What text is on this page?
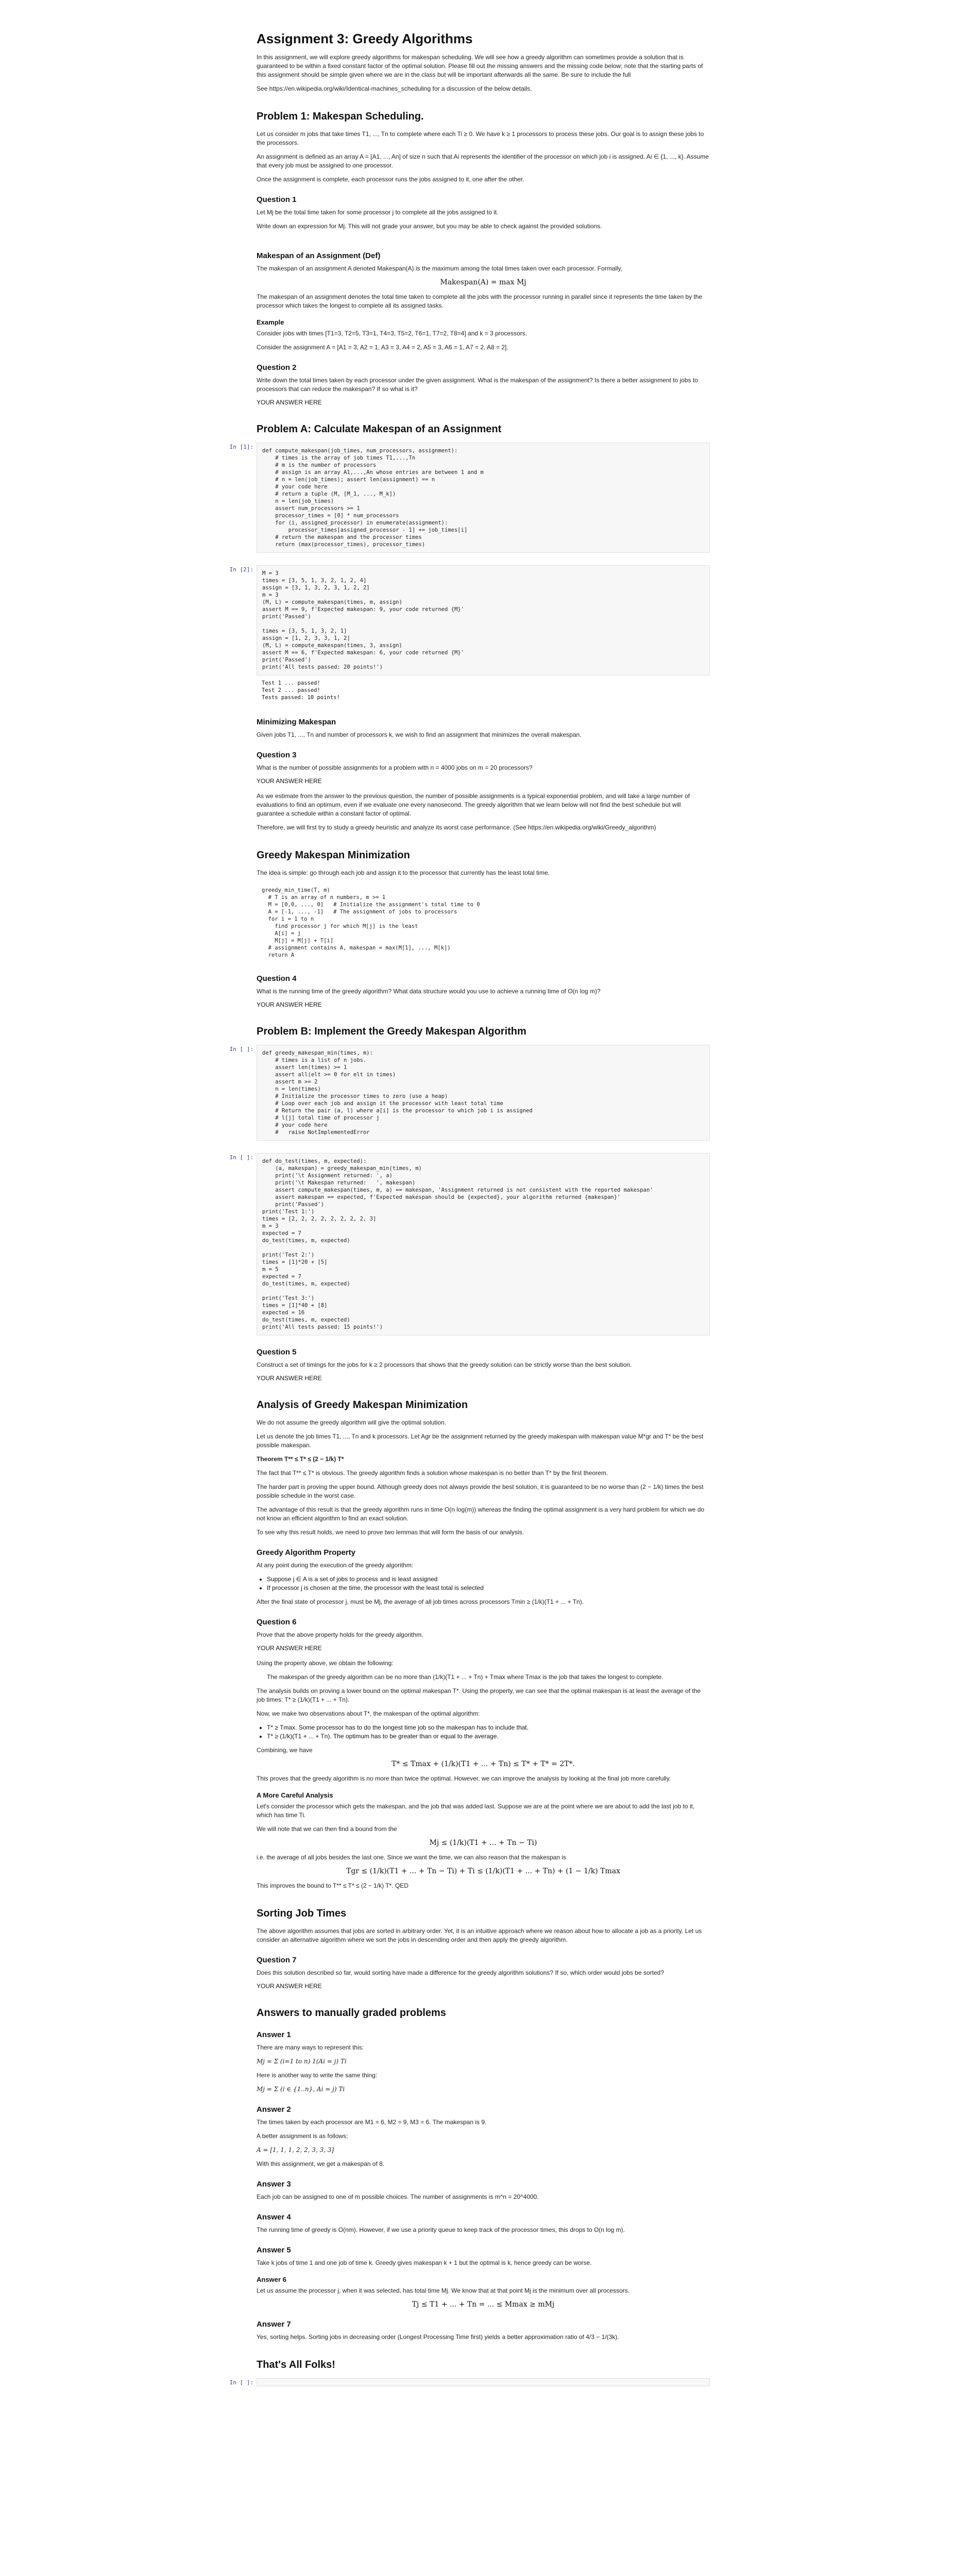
Assignment 3: Greedy Algorithms

In this assignment, we will explore greedy algorithms for makespan scheduling. We will see how a greedy algorithm can sometimes provide a solution that is guaranteed to be within a fixed constant factor of the optimal solution. Please fill out the missing answers and the missing code below; note that the starting parts of this assignment should be simple given where we are in the class but will be important afterwards all the same. Be sure to include the full

See https://en.wikipedia.org/wiki/Identical-machines_scheduling for a discussion of the below details.

Problem 1: Makespan Scheduling.

Let us consider m jobs that take times T1, ..., Tn to complete where each Ti ≥ 0. We have k ≥ 1 processors to process these jobs. Our goal is to assign these jobs to the processors.

An assignment is defined as an array A = [A1, ..., An] of size n such that Ai represents the identifier of the processor on which job i is assigned. Ai ∈ {1, ..., k}. Assume that every job must be assigned to one processor.

Once the assignment is complete, each processor runs the jobs assigned to it, one after the other.

Question 1

Let Mj be the total time taken for some processor j to complete all the jobs assigned to it.

Write down an expression for Mj. This will not grade your answer, but you may be able to check against the provided solutions.

Makespan of an Assignment (Def)

The makespan of an assignment A denoted Makespan(A) is the maximum among the total times taken over each processor. Formally,

Makespan(A) = max Mj

The makespan of an assignment denotes the total time taken to complete all the jobs with the processor running in parallel since it represents the time taken by the processor which takes the longest to complete all its assigned tasks.

Example

Consider jobs with times [T1=3, T2=5, T3=1, T4=3, T5=2, T6=1, T7=2, T8=4] and k = 3 processors.

Consider the assignment A = [A1 = 3, A2 = 1, A3 = 3, A4 = 2, A5 = 3, A6 = 1, A7 = 2, A8 = 2].

Question 2

Write down the total times taken by each processor under the given assignment. What is the makespan of the assignment? Is there a better assignment to jobs to processors that can reduce the makespan? If so what is it?

YOUR ANSWER HERE
Problem A: Calculate Makespan of an Assignment
In [1]:
def compute_makespan(job_times, num_processors, assignment):
# times is the array of job times T1,...,Tn
# m is the number of processors
# assign is an array A1,...,An whose entries are between 1 and m
# n = len(job_times); assert len(assignment) == n
# your code here
# return a tuple (M, [M_1, ..., M_k])
n = len(job_times)
assert num_processors >= 1
processor_times = [0] * num_processors
for (i, assigned_processor) in enumerate(assignment):
processor_times[assigned_processor - 1] += job_times[i]
# return the makespan and the processor times
return (max(processor_times), processor_times)
In [2]:
M = 3
times = [3, 5, 1, 3, 2, 1, 2, 4]
assign = [3, 1, 3, 2, 3, 1, 2, 2]
m = 3
(M, L) = compute_makespan(times, m, assign)
assert M == 9, f'Expected makespan: 9, your code returned {M}'
print('Passed')

times = [3, 5, 1, 3, 2, 1]
assign = [1, 2, 3, 3, 1, 2]
(M, L) = compute_makespan(times, 3, assign)
assert M == 6, f'Expected makespan: 6, your code returned {M}'
print('Passed')
print('All tests passed: 20 points!')
Test 1 ... passed!
Test 2 ... passed!
Tests passed: 10 points!
Minimizing Makespan

Given jobs T1, ..., Tn and number of processors k, we wish to find an assignment that minimizes the overall makespan.

Question 3

What is the number of possible assignments for a problem with n = 4000 jobs on m = 20 processors?

YOUR ANSWER HERE

As we estimate from the answer to the previous question, the number of possible assignments is a typical exponential problem, and will take a large number of evaluations to find an optimum, even if we evaluate one every nanosecond. The greedy algorithm that we learn below will not find the best schedule but will guarantee a schedule within a constant factor of optimal.

Therefore, we will first try to study a greedy heuristic and analyze its worst case performance. (See https://en.wikipedia.org/wiki/Greedy_algorithm)

Greedy Makespan Minimization

The idea is simple: go through each job and assign it to the processor that currently has the least total time.

greedy_min_time(T, m)
# T is an array of n numbers, m >= 1
M = [0,0, ..., 0]   # Initialize the assignment's total time to 0
A = [-1, ..., -1]   # The assignment of jobs to processors
for i = 1 to n
find processor j for which M[j] is the least
A[i] = j
M[j] = M[j] + T[i]
# assignment contains A, makespan = max(M[1], ..., M[k])
return A
Question 4

What is the running time of the greedy algorithm? What data structure would you use to achieve a running time of O(n log m)?

YOUR ANSWER HERE
Problem B: Implement the Greedy Makespan Algorithm
In [ ]:
def greedy_makespan_min(times, m):
# times is a list of n jobs.
assert len(times) >= 1
assert all(elt >= 0 for elt in times)
assert m >= 2
n = len(times)
# Initialize the processor times to zero (use a heap)
# Loop over each job and assign it the processor with least total time
# Return the pair (a, l) where a[i] is the processor to which job i is assigned
# l[j] total time of processor j
# your code here
#   raise NotImplementedError
In [ ]:
def do_test(times, m, expected):
(a, makespan) = greedy_makespan_min(times, m)
print('\t Assignment returned: ', a)
print('\t Makespan returned:   ', makespan)
assert compute_makespan(times, m, a) == makespan, 'Assignment returned is not consistent with the reported makespan'
assert makespan == expected, f'Expected makespan should be {expected}, your algorithm returned {makespan}'
print('Passed')
print('Test 1:')
times = [2, 2, 2, 2, 2, 2, 2, 2, 3]
m = 3
expected = 7
do_test(times, m, expected)

print('Test 2:')
times = [1]*20 + [5]
m = 5
expected = 7
do_test(times, m, expected)

print('Test 3:')
times = [1]*40 + [8]
expected = 16
do_test(times, m, expected)
print('All tests passed: 15 points!')
Question 5

Construct a set of timings for the jobs for k ≥ 2 processors that shows that the greedy solution can be strictly worse than the best solution.

YOUR ANSWER HERE
Analysis of Greedy Makespan Minimization

We do not assume the greedy algorithm will give the optimal solution.

Let us denote the job times T1, ..., Tn and k processors. Let Agr be the assignment returned by the greedy makespan with makespan value M*gr and T* be the best possible makespan.

Theorem T** ≤ T* ≤ (2 − 1/k) T*

The fact that T** ≤ T* is obvious. The greedy algorithm finds a solution whose makespan is no better than T* by the first theorem.

The harder part is proving the upper bound. Although greedy does not always provide the best solution, it is guaranteed to be no worse than (2 − 1/k) times the best possible schedule in the worst case.

The advantage of this result is that the greedy algorithm runs in time O(n log(m)) whereas the finding the optimal assignment is a very hard problem for which we do not know an efficient algorithm to find an exact solution.

To see why this result holds, we need to prove two lemmas that will form the basis of our analysis.

Greedy Algorithm Property

At any point during the execution of the greedy algorithm:

• Suppose j ∈ A is a set of jobs to process and is least assigned
• If processor j is chosen at the time, the processor with the least total is selected

After the final state of processor j, must be Mj, the average of all job times across processors Tmin ≥ (1/k)(T1 + ... + Tn).

Question 6

Prove that the above property holds for the greedy algorithm.

YOUR ANSWER HERE

Using the property above, we obtain the following:

The makespan of the greedy algorithm can be no more than (1/k)(T1 + ... + Tn) + Tmax where Tmax is the job that takes the longest to complete.

The analysis builds on proving a lower bound on the optimal makespan T*. Using the property, we can see that the optimal makespan is at least the average of the job times: T* ≥ (1/k)(T1 + ... + Tn).

Now, we make two observations about T*, the makespan of the optimal algorithm:

• T* ≥ Tmax. Some processor has to do the longest time job so the makespan has to include that.
• T* ≥ (1/k)(T1 + ... + Tn). The optimum has to be greater than or equal to the average.

Combining, we have

T* ≤ Tmax + (1/k)(T1 + ... + Tn) ≤ T* + T* = 2T*.

This proves that the greedy algorithm is no more than twice the optimal. However, we can improve the analysis by looking at the final job more carefully.

A More Careful Analysis

Let's consider the processor which gets the makespan, and the job that was added last. Suppose we are at the point where we are about to add the last job to it, which has time Ti.

We will note that we can then find a bound from the

Mj ≤ (1/k)(T1 + ... + Tn − Ti)

i.e. the average of all jobs besides the last one. Since we want the time, we can also reason that the makespan is

Tgr ≤ (1/k)(T1 + ... + Tn − Ti) + Ti ≤ (1/k)(T1 + ... + Tn) + (1 − 1/k) Tmax

This improves the bound to T** ≤ T* ≤ (2 − 1/k) T*. QED

Sorting Job Times

The above algorithm assumes that jobs are sorted in arbitrary order. Yet, it is an intuitive approach where we reason about how to allocate a job as a priority. Let us consider an alternative algorithm where we sort the jobs in descending order and then apply the greedy algorithm.

Question 7

Does this solution described so far, would sorting have made a difference for the greedy algorithm solutions? If so, which order would jobs be sorted?

YOUR ANSWER HERE
Answers to manually graded problems
Answer 1

There are many ways to represent this:

Mj = Σ (i=1 to n) 1(Ai = j) Ti

Here is another way to write the same thing:

Mj = Σ (i ∈ {1..n}, Ai = j) Ti

Answer 2

The times taken by each processor are M1 = 6, M2 = 9, M3 = 6. The makespan is 9.

A better assignment is as follows:

A = [1, 1, 1, 2, 2, 3, 3, 3]

With this assignment, we get a makespan of 8.

Answer 3

Each job can be assigned to one of m possible choices. The number of assignments is m^n = 20^4000.

Answer 4

The running time of greedy is O(nm). However, if we use a priority queue to keep track of the processor times, this drops to O(n log m).

Answer 5

Take k jobs of time 1 and one job of time k. Greedy gives makespan k + 1 but the optimal is k, hence greedy can be worse.

Answer 6

Let us assume the processor j, when it was selected, has total time Mj. We know that at that point Mj is the minimum over all processors.

Tj ≤ T1 + ... + Tn = ... ≤ Mmax ≥ mMj
Answer 7

Yes, sorting helps. Sorting jobs in decreasing order (Longest Processing Time first) yields a better approximation ratio of 4/3 − 1/(3k).

That's All Folks!
In [ ]:
